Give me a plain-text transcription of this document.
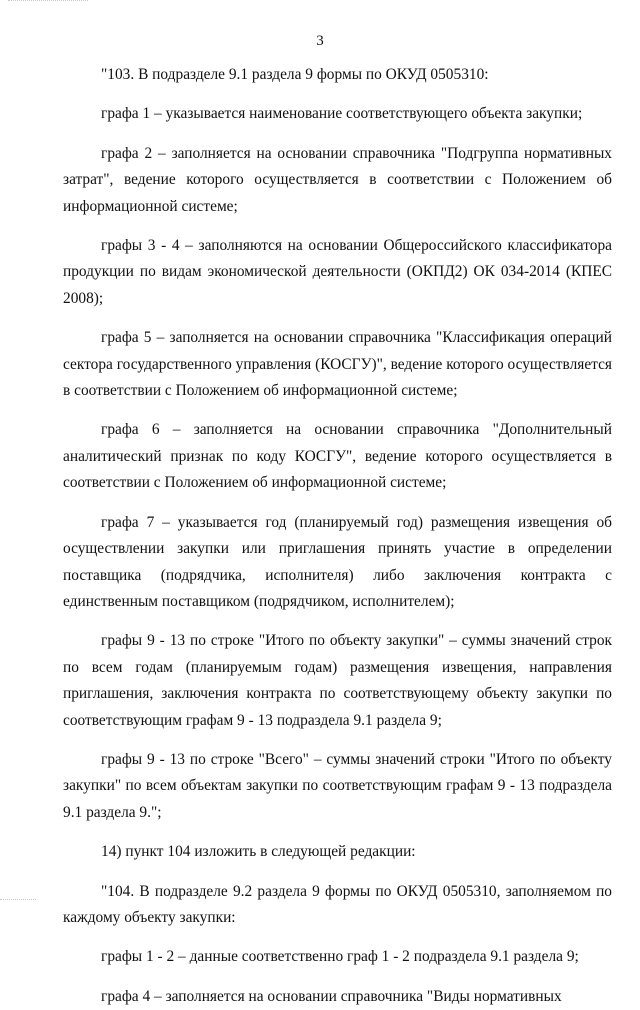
3

"103. В подразделе 9.1 раздела 9 формы по ОКУД 0505310:

графа 1 – указывается наименование соответствующего объекта закупки;

графа 2 – заполняется на основании справочника "Подгруппа нормативных затрат", ведение которого осуществляется в соответствии с Положением об информационной системе;

графы 3 - 4 – заполняются на основании Общероссийского классификатора продукции по видам экономической деятельности (ОКПД2) ОК 034-2014 (КПЕС 2008);

графа 5 – заполняется на основании справочника "Классификация операций сектора государственного управления (КОСГУ)", ведение которого осуществляется в соответствии с Положением об информационной системе;

графа 6 – заполняется на основании справочника "Дополнительный аналитический признак по коду КОСГУ", ведение которого осуществляется в соответствии с Положением об информационной системе;

графа 7 – указывается год (планируемый год) размещения извещения об осуществлении закупки или приглашения принять участие в определении поставщика (подрядчика, исполнителя) либо заключения контракта с единственным поставщиком (подрядчиком, исполнителем);

графы 9 - 13 по строке "Итого по объекту закупки" – суммы значений строк по всем годам (планируемым годам) размещения извещения, направления приглашения, заключения контракта по соответствующему объекту закупки по соответствующим графам 9 - 13 подраздела 9.1 раздела 9;

графы 9 - 13 по строке "Всего" – суммы значений строки "Итого по объекту закупки" по всем объектам закупки по соответствующим графам 9 - 13 подраздела 9.1 раздела 9.";

14) пункт 104 изложить в следующей редакции:

"104. В подразделе 9.2 раздела 9 формы по ОКУД 0505310, заполняемом по каждому объекту закупки:

графы 1 - 2 – данные соответственно граф 1 - 2 подраздела 9.1 раздела 9;

графа 4 – заполняется на основании справочника "Виды нормативных
